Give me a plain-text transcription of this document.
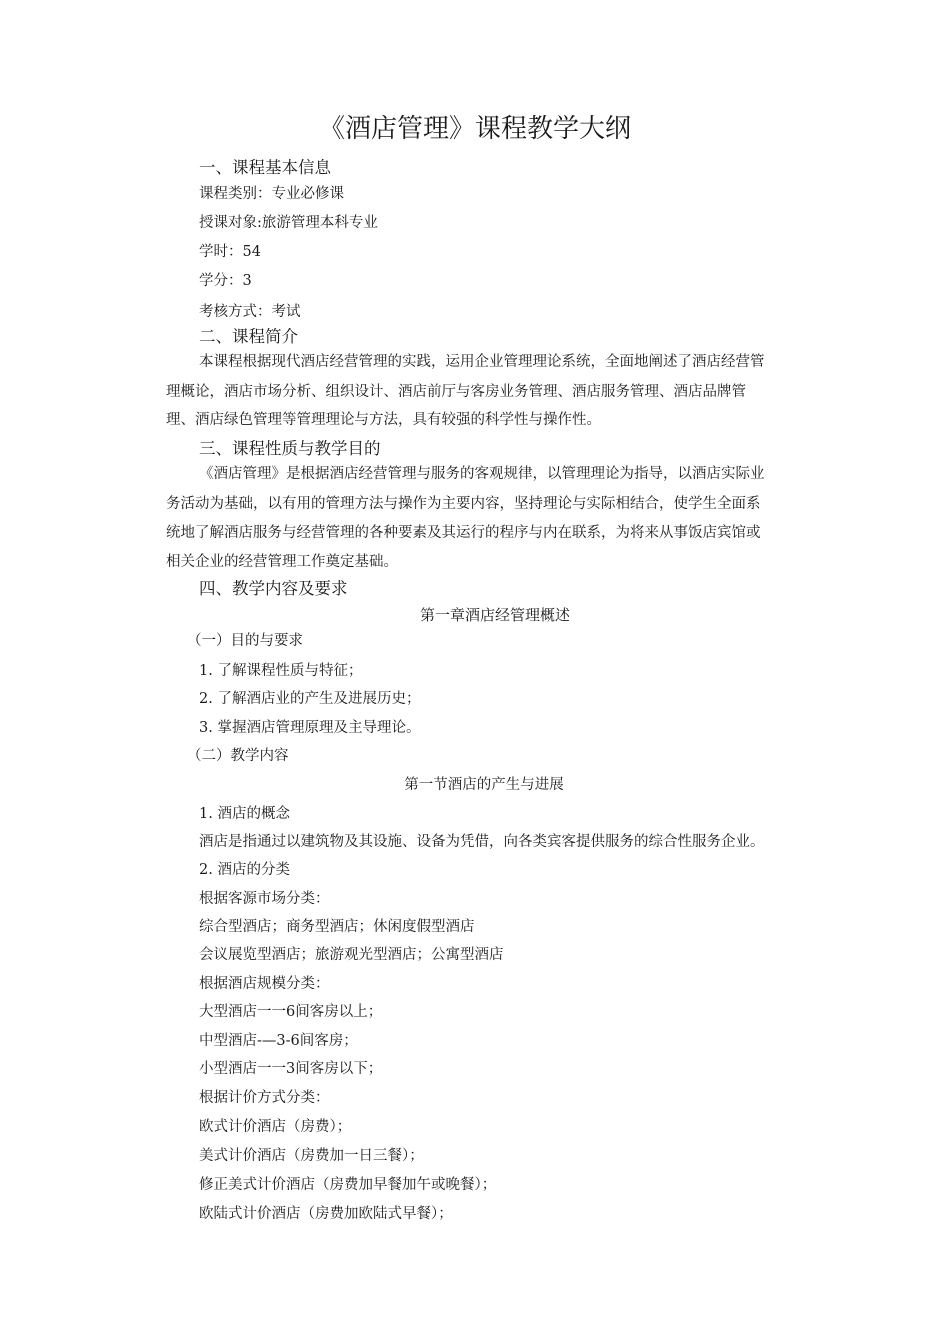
《酒店管理》课程教学大纲
一、课程基本信息
课程类别：专业必修课
授课对象:旅游管理本科专业
学时：54
学分：3
考核方式：考试
二、课程简介
本课程根据现代酒店经营管理的实践，运用企业管理理论系统，全面地阐述了酒店经营管
理概论，酒店市场分析、组织设计、酒店前厅与客房业务管理、酒店服务管理、酒店品牌管
理、酒店绿色管理等管理理论与方法，具有较强的科学性与操作性。
三、课程性质与教学目的
《酒店管理》是根据酒店经营管理与服务的客观规律，以管理理论为指导，以酒店实际业
务活动为基础，以有用的管理方法与操作为主要内容，坚持理论与实际相结合，使学生全面系
统地了解酒店服务与经营管理的各种要素及其运行的程序与内在联系，为将来从事饭店宾馆或
相关企业的经营管理工作奠定基础。
四、教学内容及要求
第一章酒店经管理概述
（一）目的与要求
1. 了解课程性质与特征；
2. 了解酒店业的产生及进展历史；
3. 掌握酒店管理原理及主导理论。
（二）教学内容
第一节酒店的产生与进展
1. 酒店的概念
酒店是指通过以建筑物及其设施、设备为凭借，向各类宾客提供服务的综合性服务企业。
2. 酒店的分类
根据客源市场分类：
综合型酒店；商务型酒店；休闲度假型酒店
会议展览型酒店；旅游观光型酒店；公寓型酒店
根据酒店规模分类：
大型酒店一一6间客房以上；
中型酒店-—3-6间客房；
小型酒店一一3间客房以下；
根据计价方式分类：
欧式计价酒店（房费）；
美式计价酒店（房费加一日三餐）；
修正美式计价酒店（房费加早餐加午或晚餐）；
欧陆式计价酒店（房费加欧陆式早餐）；
